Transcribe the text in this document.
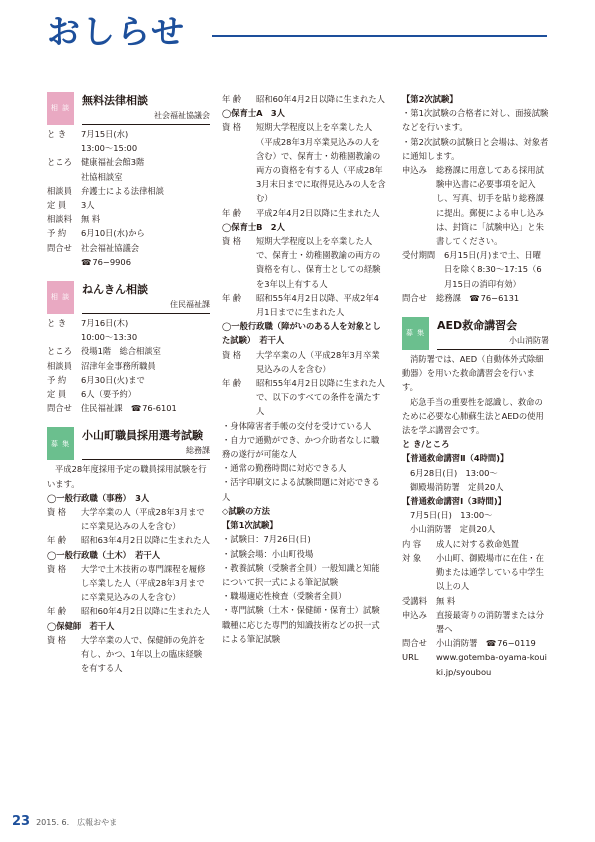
おしらせ
相 談
無料法律相談
社会福祉協議会
と き	7月15日(水)
13:00～15:00
ところ	健康福祉会館3階
社協相談室
相談員	弁護士による法律相談
定 員	3人
相談料	無 料
予 約	6月10日(水)から
問合せ	社会福祉協議会
☎ 76−9906
相 談
ねんきん相談
住民福祉課
と き	7月16日(木)
10:00～13:30
ところ	役場1階　総合相談室
相談員	沼津年金事務所職員
予 約	6月30日(火)まで
定 員	6人（要予約）
問合せ	住民福祉課　 ☎ 76-6101
募 集
小山町職員採用選考試験
総務課
平成28年度採用予定の職員採用試験を行います。
◯一般行政職（事務）　3人
資 格	大学卒業の人（平成28年3月までに卒業見込みの人を含む）
年 齢	昭和63年4月2日以降に生まれた人
◯一般行政職（土木）　若干人
資 格	大学で土木技術の専門課程を履修し卒業した人（平成28年3月までに卒業見込みの人を含む）
年 齢	昭和60年4月2日以降に生まれた人
◯保健師　若干人
資 格	大学卒業の人で、保健師の免許を有し、かつ、1年以上の臨床経験を有する人
年 齢	昭和60年4月2日以降に生まれた人
◯保育士A　3人
資 格	短期大学程度以上を卒業した人（平成28年3月卒業見込みの人を含む）で、保育士・幼稚園教諭の両方の資格を有する人（平成28年3月末日までに取得見込みの人を含む）
年 齢	平成2年4月2日以降に生まれた人
◯保育士B　2人
資 格	短期大学程度以上を卒業した人で、保育士・幼稚園教諭の両方の資格を有し、保育士としての経験を3年以上有する人
年 齢	昭和55年4月2日以降、平成2年4月1日までに生まれた人
◯一般行政職（障がいのある人を対象とした試験）　若干人
資 格	大学卒業の人（平成28年3月卒業見込みの人を含む）
年 齢	昭和55年4月2日以降に生まれた人で、以下のすべての条件を満たす人
・身体障害者手帳の交付を受けている人
・自力で通勤ができ、かつ介助者なしに職務の遂行が可能な人
・通常の勤務時間に対応できる人
・活字印刷文による試験問題に対応できる人
◇試験の方法
【第1次試験】
・試験日：7月26日(日)
・試験会場：小山町役場
・教養試験（受験者全員）一般知識と知能について択一式による筆記試験
・職場適応性検査（受験者全員）
・専門試験（土木・保健師・保育士）試験職種に応じた専門的知識技術などの択一式による筆記試験
【第2次試験】
・第1次試験の合格者に対し、面接試験などを行います。
・第2次試験の試験日と会場は、対象者に通知します。
申込み	総務課に用意してある採用試験申込書に必要事項を記入し、写真、切手を貼り総務課に提出。郵便による申し込みは、封筒に「試験申込」と朱書してください。
受付期間	6月15日(月)まで土、日曜日を除く8:30～17:15（6月15日の消印有効）
問合せ	総務課　 ☎ 76−6131
募 集
AED救命講習会
小山消防署
消防署では、AED（自動体外式除細動器）を用いた救命講習会を行います。
応急手当の重要性を認識し、救命のために必要な心肺蘇生法とAEDの使用法を学ぶ講習会です。
と き/ところ
【普通救命講習Ⅱ（4時間)】
6月28日(日)　13:00～
御殿場消防署　定員20人
【普通救命講習Ⅰ（3時間)】
7月5日(日)　13:00～
小山消防署　定員20人
内 容	成人に対する救命処置
対 象	小山町、御殿場市に在住・在勤または通学している中学生以上の人
受講料	無 料
申込み	直接最寄りの消防署または分署へ
問合せ	小山消防署　 ☎ 76−0119
URL	www.gotemba-oyama-kouiki.jp/syoubou
23 2015. 6.　広報おやま
